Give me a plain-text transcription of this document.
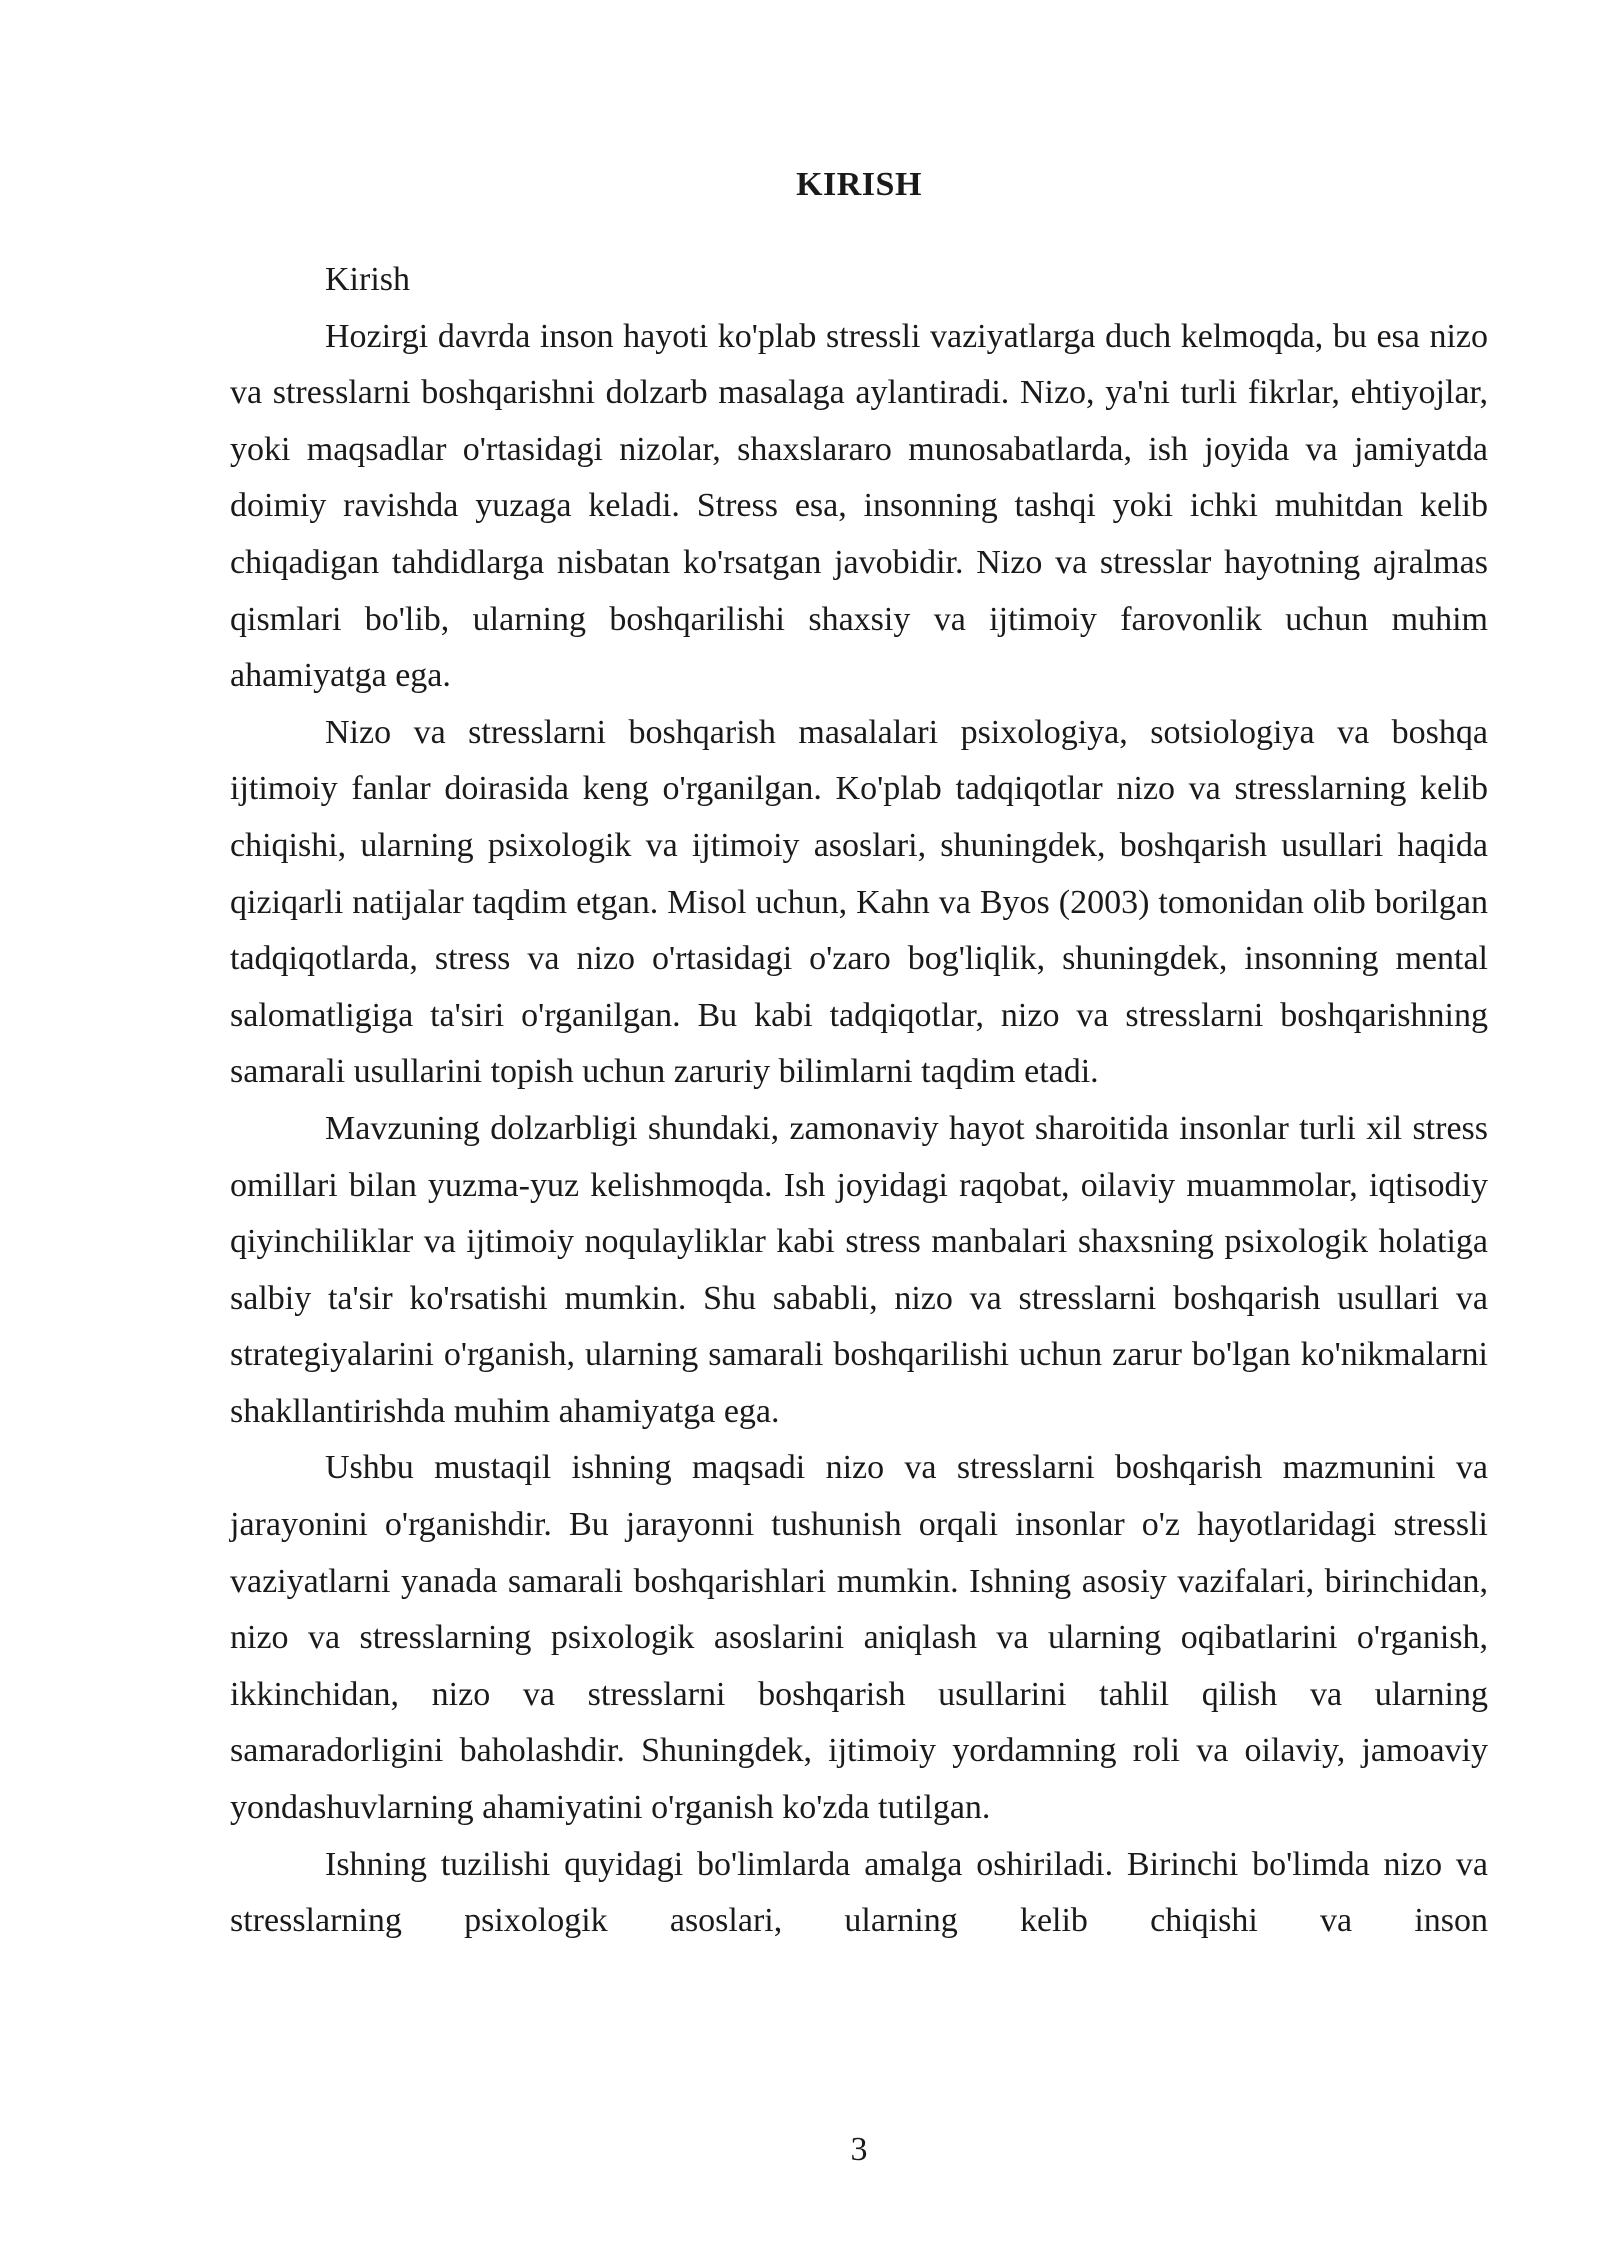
KIRISH

Kirish

Hozirgi davrda inson hayoti ko'plab stressli vaziyatlarga duch kelmoqda, bu esa nizo va stresslarni boshqarishni dolzarb masalaga aylantiradi. Nizo, ya'ni turli fikrlar, ehtiyojlar, yoki maqsadlar o'rtasidagi nizolar, shaxslararo munosabatlarda, ish joyida va jamiyatda doimiy ravishda yuzaga keladi. Stress esa, insonning tashqi yoki ichki muhitdan kelib chiqadigan tahdidlarga nisbatan ko'rsatgan javobidir. Nizo va stresslar hayotning ajralmas qismlari bo'lib, ularning boshqarilishi shaxsiy va ijtimoiy farovonlik uchun muhim ahamiyatga ega.

Nizo va stresslarni boshqarish masalalari psixologiya, sotsiologiya va boshqa ijtimoiy fanlar doirasida keng o'rganilgan. Ko'plab tadqiqotlar nizo va stresslarning kelib chiqishi, ularning psixologik va ijtimoiy asoslari, shuningdek, boshqarish usullari haqida qiziqarli natijalar taqdim etgan. Misol uchun, Kahn va Byos (2003) tomonidan olib borilgan tadqiqotlarda, stress va nizo o'rtasidagi o'zaro bog'liqlik, shuningdek, insonning mental salomatligiga ta'siri o'rganilgan. Bu kabi tadqiqotlar, nizo va stresslarni boshqarishning samarali usullarini topish uchun zaruriy bilimlarni taqdim etadi.

Mavzuning dolzarbligi shundaki, zamonaviy hayot sharoitida insonlar turli xil stress omillari bilan yuzma-yuz kelishmoqda. Ish joyidagi raqobat, oilaviy muammolar, iqtisodiy qiyinchiliklar va ijtimoiy noqulayliklar kabi stress manbalari shaxsning psixologik holatiga salbiy ta'sir ko'rsatishi mumkin. Shu sababli, nizo va stresslarni boshqarish usullari va strategiyalarini o'rganish, ularning samarali boshqarilishi uchun zarur bo'lgan ko'nikmalarni shakllantirishda muhim ahamiyatga ega.

Ushbu mustaqil ishning maqsadi nizo va stresslarni boshqarish mazmunini va jarayonini o'rganishdir. Bu jarayonni tushunish orqali insonlar o'z hayotlaridagi stressli vaziyatlarni yanada samarali boshqarishlari mumkin. Ishning asosiy vazifalari, birinchidan, nizo va stresslarning psixologik asoslarini aniqlash va ularning oqibatlarini o'rganish, ikkinchidan, nizo va stresslarni boshqarish usullarini tahlil qilish va ularning samaradorligini baholashdir. Shuningdek, ijtimoiy yordamning roli va oilaviy, jamoaviy yondashuvlarning ahamiyatini o'rganish ko'zda tutilgan.

Ishning tuzilishi quyidagi bo'limlarda amalga oshiriladi. Birinchi bo'limda nizo va stresslarning psixologik asoslari, ularning kelib chiqishi va inson

3
